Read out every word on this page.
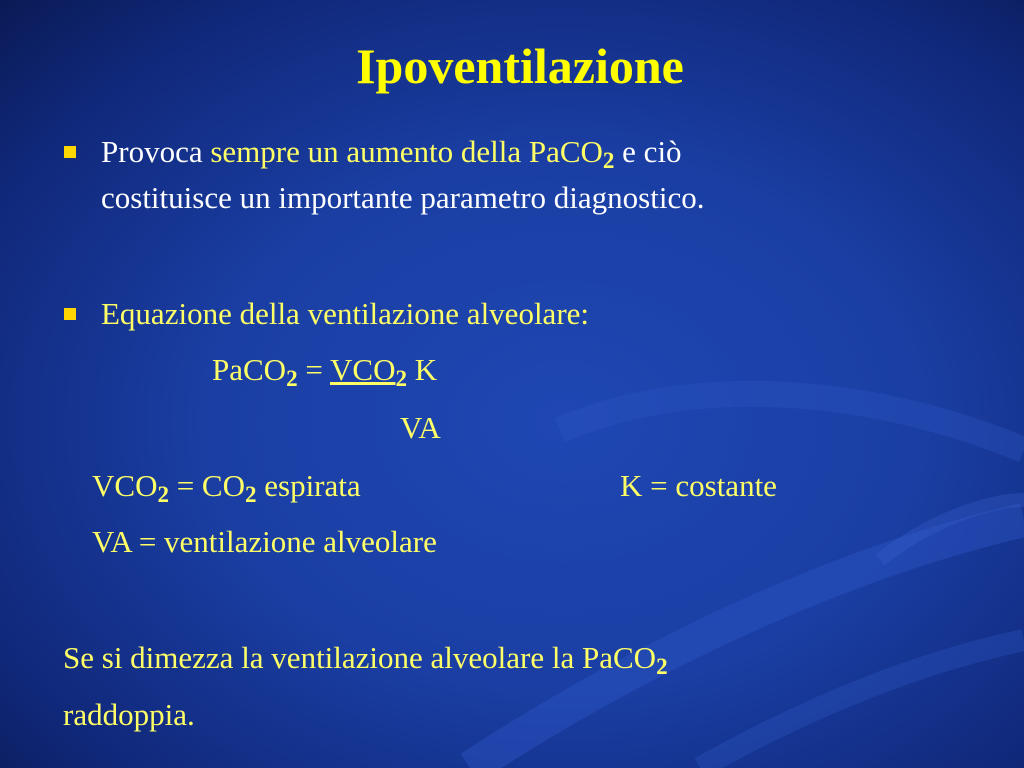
Ipoventilazione
Provoca sempre un aumento della PaCO$_2$ e ciò
costituisce un importante parametro diagnostico.
Equazione della ventilazione alveolare:
PaCO$_2$ = $VCO_2$ K
VA
$VCO_2 = CO_2$ espirata	K = costante
VA = ventilazione alveolare
Se si dimezza la ventilazione alveolare la PaCO$_2$
raddoppia.
